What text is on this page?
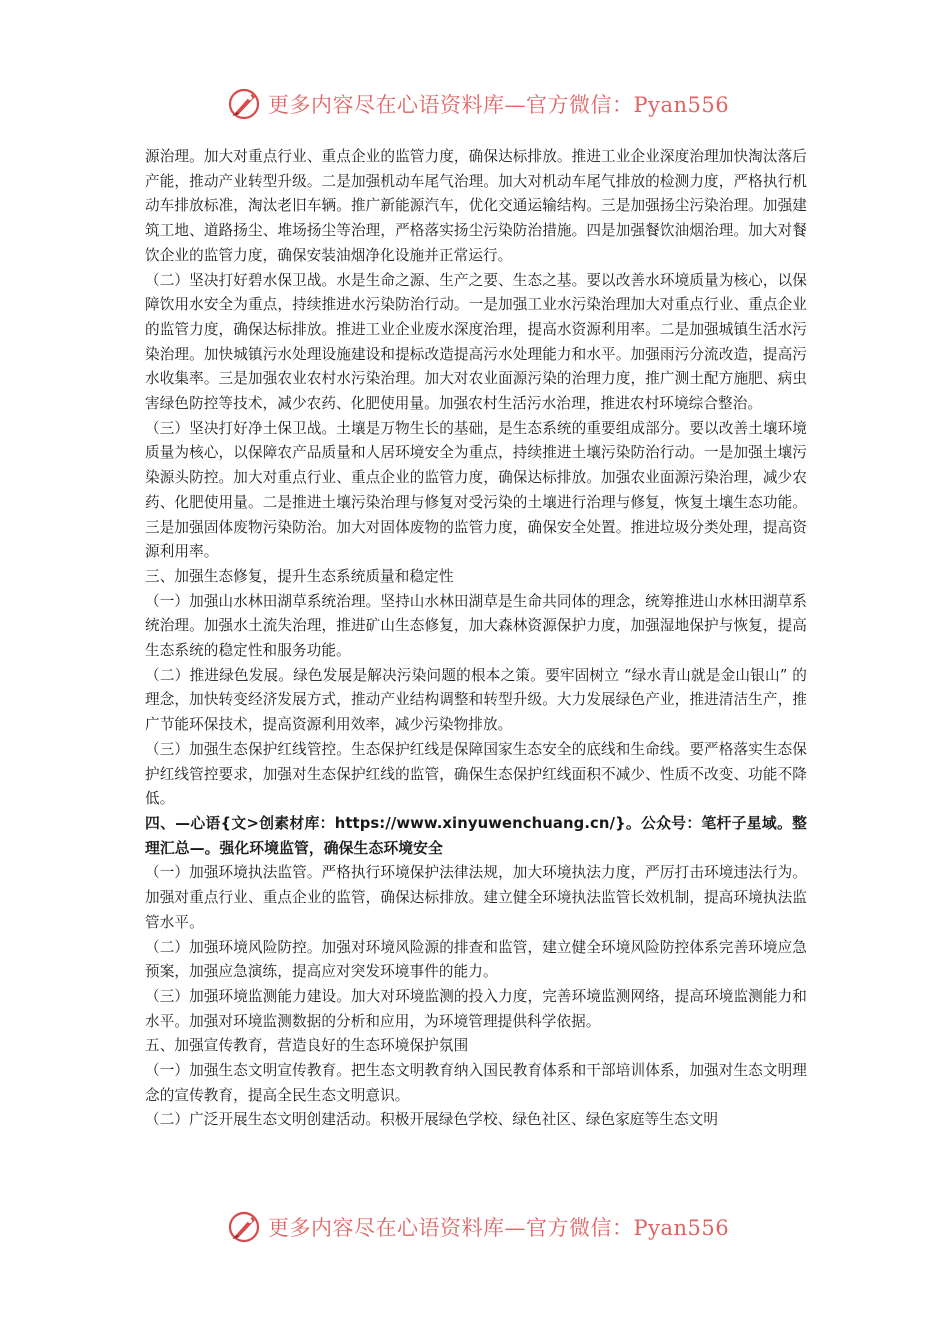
更多内容尽在心语资料库—官方微信：Pyan556

源治理。加大对重点行业、重点企业的监管力度，确保达标排放。推进工业企业深度治理加快淘汰落后产能，推动产业转型升级。二是加强机动车尾气治理。加大对机动车尾气排放的检测力度，严格执行机动车排放标准，淘汰老旧车辆。推广新能源汽车，优化交通运输结构。三是加强扬尘污染治理。加强建筑工地、道路扬尘、堆场扬尘等治理，严格落实扬尘污染防治措施。四是加强餐饮油烟治理。加大对餐饮企业的监管力度，确保安装油烟净化设施并正常运行。

（二）坚决打好碧水保卫战。水是生命之源、生产之要、生态之基。要以改善水环境质量为核心，以保障饮用水安全为重点，持续推进水污染防治行动。一是加强工业水污染治理加大对重点行业、重点企业的监管力度，确保达标排放。推进工业企业废水深度治理，提高水资源利用率。二是加强城镇生活水污染治理。加快城镇污水处理设施建设和提标改造提高污水处理能力和水平。加强雨污分流改造，提高污水收集率。三是加强农业农村水污染治理。加大对农业面源污染的治理力度，推广测土配方施肥、病虫害绿色防控等技术，减少农药、化肥使用量。加强农村生活污水治理，推进农村环境综合整治。

（三）坚决打好净土保卫战。土壤是万物生长的基础，是生态系统的重要组成部分。要以改善土壤环境质量为核心，以保障农产品质量和人居环境安全为重点，持续推进土壤污染防治行动。一是加强土壤污染源头防控。加大对重点行业、重点企业的监管力度，确保达标排放。加强农业面源污染治理，减少农药、化肥使用量。二是推进土壤污染治理与修复对受污染的土壤进行治理与修复，恢复土壤生态功能。三是加强固体废物污染防治。加大对固体废物的监管力度，确保安全处置。推进垃圾分类处理，提高资源利用率。

三、加强生态修复，提升生态系统质量和稳定性

（一）加强山水林田湖草系统治理。坚持山水林田湖草是生命共同体的理念，统筹推进山水林田湖草系统治理。加强水土流失治理，推进矿山生态修复，加大森林资源保护力度，加强湿地保护与恢复，提高生态系统的稳定性和服务功能。

（二）推进绿色发展。绿色发展是解决污染问题的根本之策。要牢固树立 “绿水青山就是金山银山” 的理念，加快转变经济发展方式，推动产业结构调整和转型升级。大力发展绿色产业，推进清洁生产，推广节能环保技术，提高资源利用效率，减少污染物排放。

（三）加强生态保护红线管控。生态保护红线是保障国家生态安全的底线和生命线。要严格落实生态保护红线管控要求，加强对生态保护红线的监管，确保生态保护红线面积不减少、性质不改变、功能不降低。

四、—心语{文>创素材库：https://www.xinyuwenchuang.cn/}。公众号：笔杆子星域。整理汇总—。强化环境监管，确保生态环境安全

（一）加强环境执法监管。严格执行环境保护法律法规，加大环境执法力度，严厉打击环境违法行为。加强对重点行业、重点企业的监管，确保达标排放。建立健全环境执法监管长效机制，提高环境执法监管水平。

（二）加强环境风险防控。加强对环境风险源的排查和监管，建立健全环境风险防控体系完善环境应急预案，加强应急演练，提高应对突发环境事件的能力。

（三）加强环境监测能力建设。加大对环境监测的投入力度，完善环境监测网络，提高环境监测能力和水平。加强对环境监测数据的分析和应用，为环境管理提供科学依据。

五、加强宣传教育，营造良好的生态环境保护氛围

（一）加强生态文明宣传教育。把生态文明教育纳入国民教育体系和干部培训体系，加强对生态文明理念的宣传教育，提高全民生态文明意识。

（二）广泛开展生态文明创建活动。积极开展绿色学校、绿色社区、绿色家庭等生态文明

更多内容尽在心语资料库—官方微信：Pyan556
